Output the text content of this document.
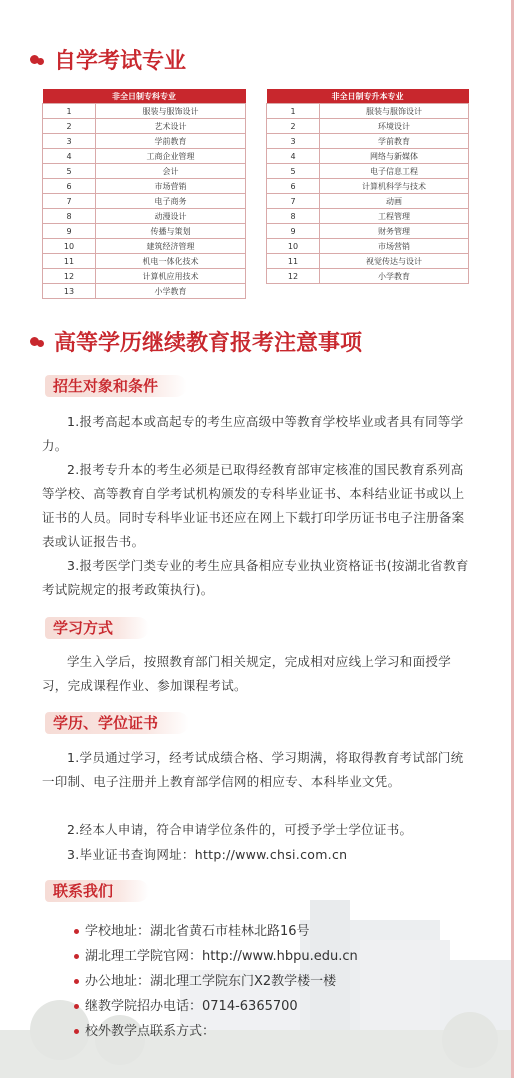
自学考试专业
非全日制专科专业	
1	服装与服饰设计
2	艺术设计
3	学前教育
4	工商企业管理
5	会计
6	市场营销
7	电子商务
8	动漫设计
9	传播与策划
10	建筑经济管理
11	机电一体化技术
12	计算机应用技术
13	小学教育
非全日制专升本专业	
1	服装与服饰设计
2	环境设计
3	学前教育
4	网络与新媒体
5	电子信息工程
6	计算机科学与技术
7	动画
8	工程管理
9	财务管理
10	市场营销
11	视觉传达与设计
12	小学教育
高等学历继续教育报考注意事项
招生对象和条件

1.报考高起本或高起专的考生应高级中等教育学校毕业或者具有同等学力。

2.报考专升本的考生必须是已取得经教育部审定核准的国民教育系列高等学校、高等教育自学考试机构颁发的专科毕业证书、本科结业证书或以上证书的人员。同时专科毕业证书还应在网上下载打印学历证书电子注册备案表或认证报告书。

3.报考医学门类专业的考生应具备相应专业执业资格证书(按湖北省教育考试院规定的报考政策执行)。

学习方式

学生入学后，按照教育部门相关规定，完成相对应线上学习和面授学习，完成课程作业、参加课程考试。

学历、学位证书

1.学员通过学习，经考试成绩合格、学习期满，将取得教育考试部门统一印制、电子注册并上教育部学信网的相应专、本科毕业文凭。

2.经本人申请，符合申请学位条件的，可授予学士学位证书。

3.毕业证书查询网址：http://www.chsi.com.cn

联系我们
学校地址：湖北省黄石市桂林北路16号
湖北理工学院官网：http://www.hbpu.edu.cn
办公地址：湖北理工学院东门X2教学楼一楼
继教学院招办电话：0714-6365700
校外教学点联系方式：
